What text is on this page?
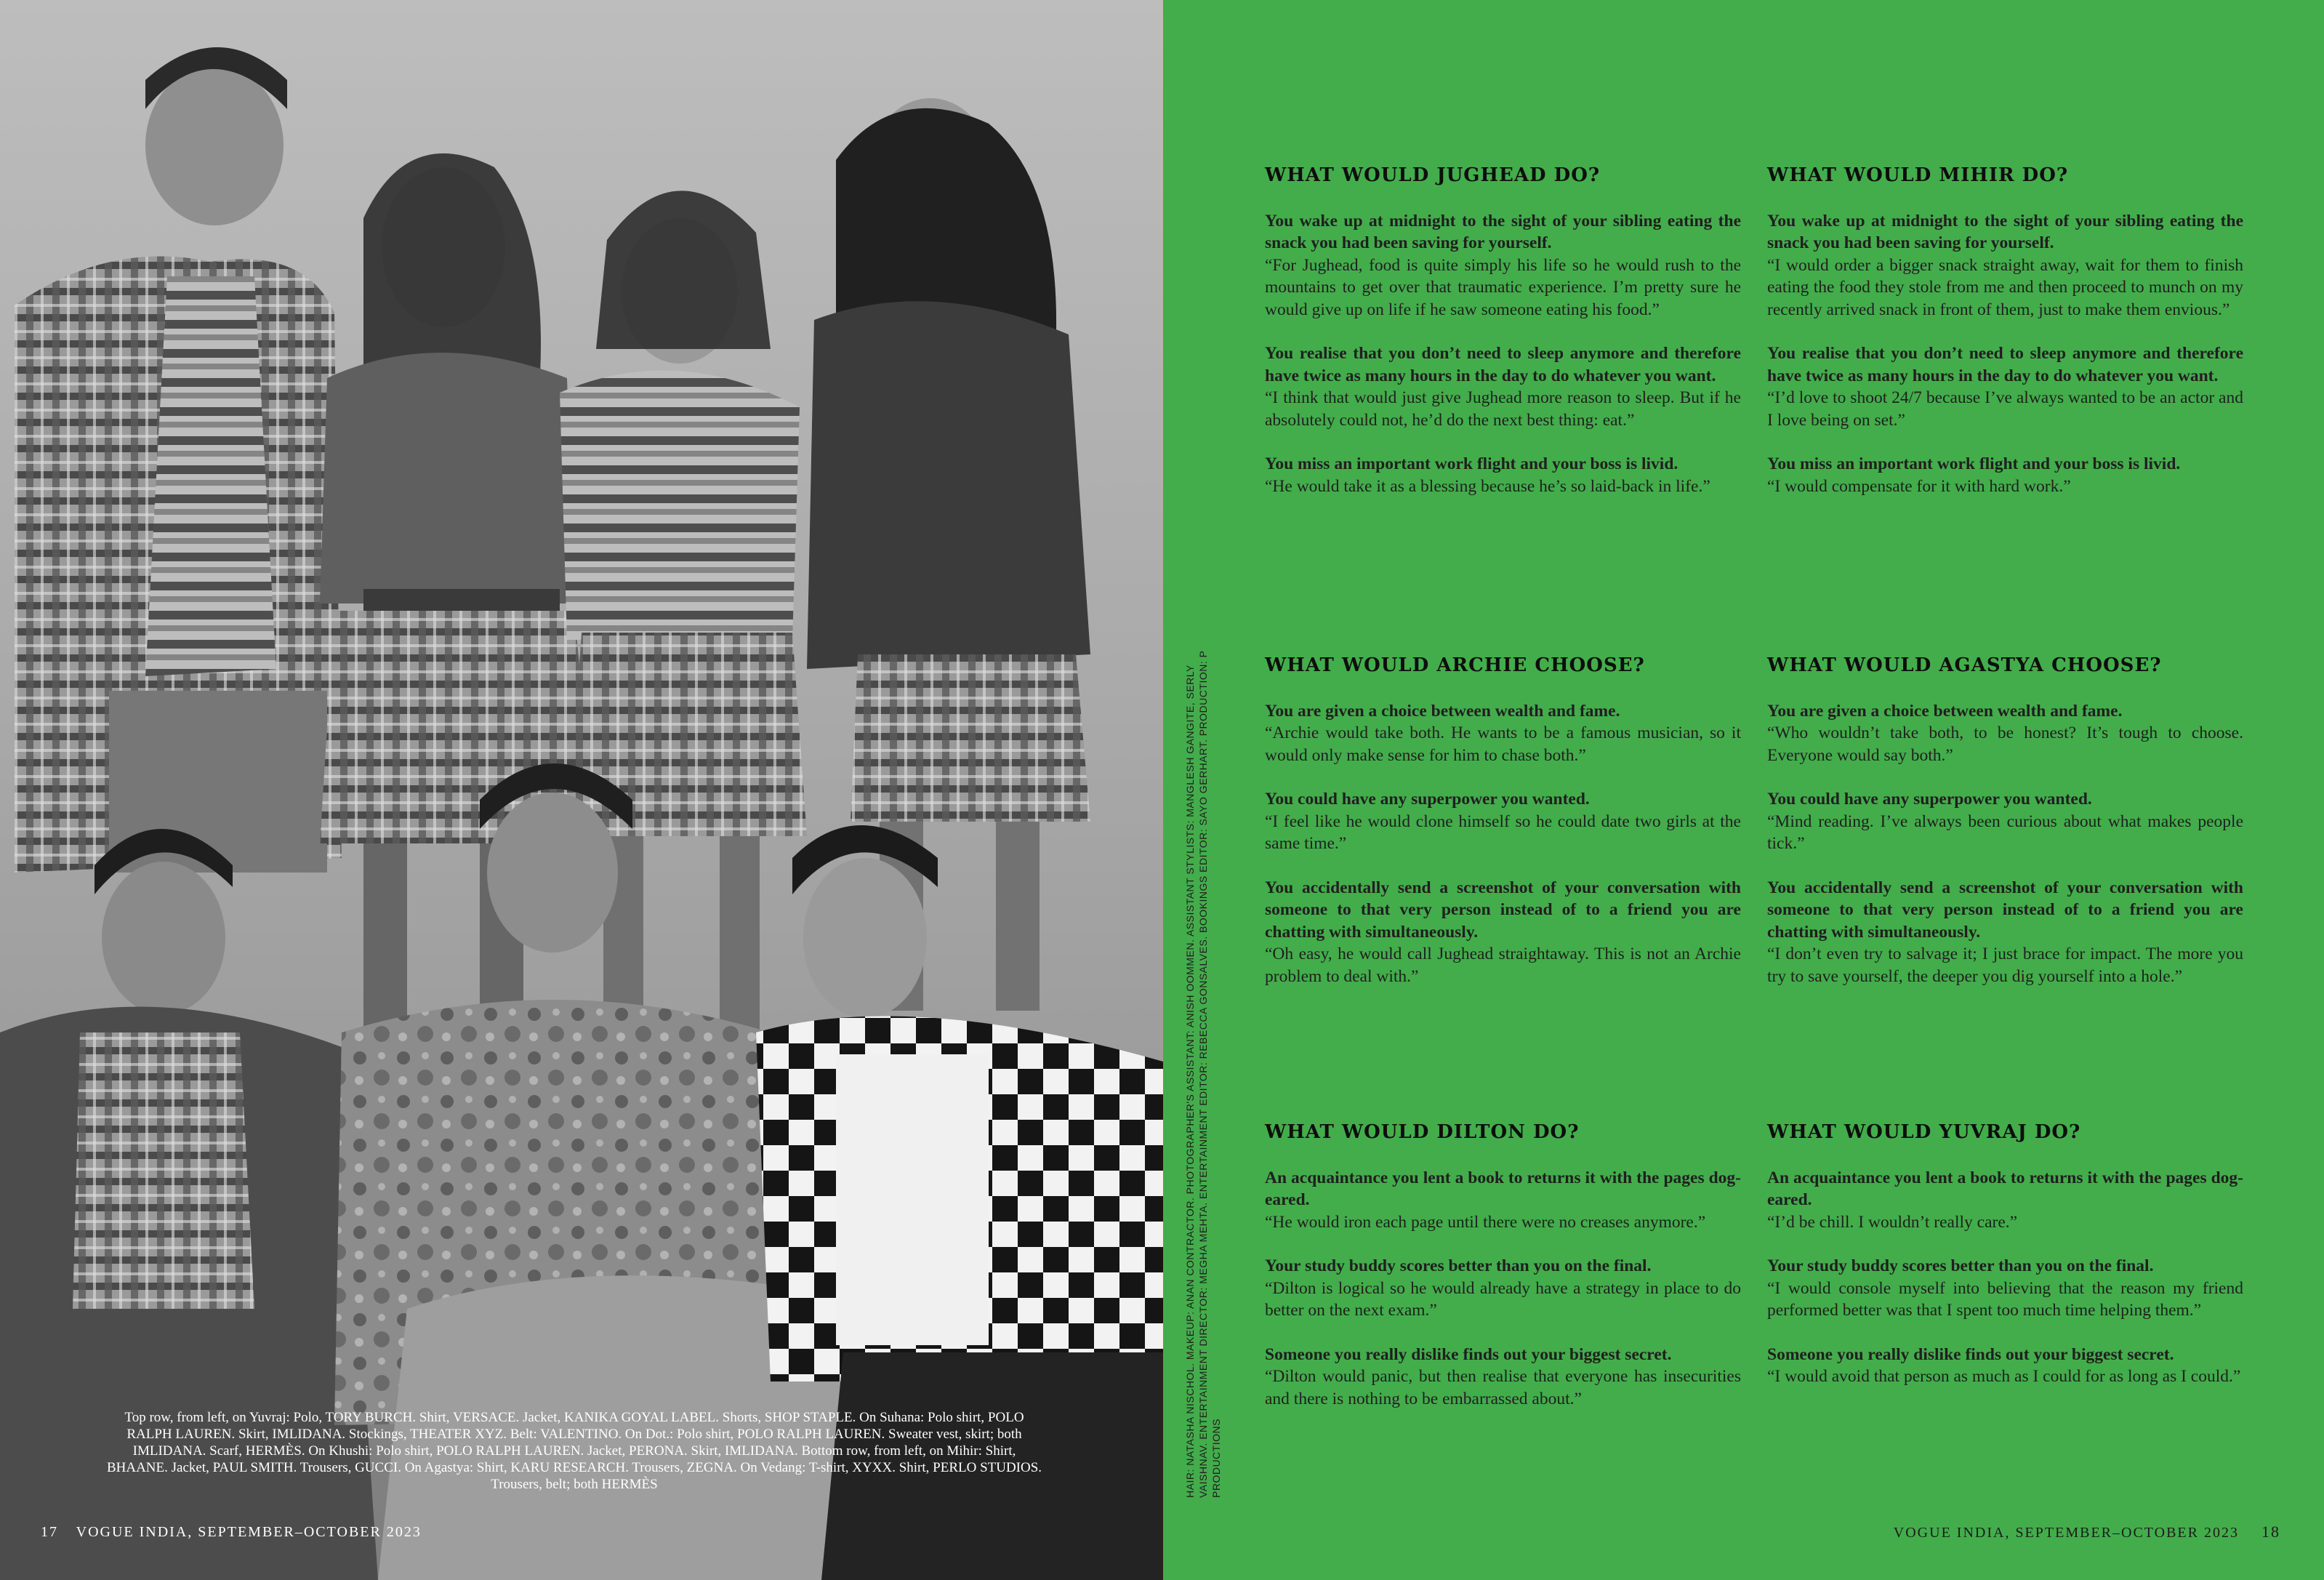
Top row, from left, on Yuvraj: Polo, TORY BURCH. Shirt, VERSACE. Jacket, KANIKA GOYAL LABEL. Shorts, SHOP STAPLE. On Suhana: Polo shirt, POLO RALPH LAUREN. Skirt, IMLIDANA. Stockings, THEATER XYZ. Belt: VALENTINO. On Dot.: Polo shirt, POLO RALPH LAUREN. Sweater vest, skirt; both IMLIDANA. Scarf, HERMÈS. On Khushi: Polo shirt, POLO RALPH LAUREN. Jacket, PERONA. Skirt, IMLIDANA. Bottom row, from left, on Mihir: Shirt, BHAANE. Jacket, PAUL SMITH. Trousers, GUCCI. On Agastya: Shirt, KARU RESEARCH. Trousers, ZEGNA. On Vedang: T-shirt, XYXX. Shirt, PERLO STUDIOS. Trousers, belt; both HERMÈS
17 VOGUE INDIA, SEPTEMBER–OCTOBER 2023
HAIR: NATASHA NISCHOL. MAKEUP: ANAN CONTRACTOR. PHOTOGRAPHER'S ASSISTANT: ANISH OOMMEN. ASSISTANT STYLISTS: MANGLESH GANGITE, SERLY VAISHNAV. ENTERTAINMENT DIRECTOR: MEGHA MEHTA. ENTERTAINMENT EDITOR: REBECCA GONSALVES. BOOKINGS EDITOR: SAYO GERHART. PRODUCTION: P PRODUCTIONS
WHAT WOULD JUGHEAD DO?
You wake up at midnight to the sight of your sibling eating the snack you had been saving for yourself.
“For Jughead, food is quite simply his life so he would rush to the mountains to get over that traumatic experience. I’m pretty sure he would give up on life if he saw someone eating his food.”
You realise that you don’t need to sleep anymore and therefore have twice as many hours in the day to do whatever you want.
“I think that would just give Jughead more reason to sleep. But if he absolutely could not, he’d do the next best thing: eat.”
You miss an important work flight and your boss is livid.
“He would take it as a blessing because he’s so laid-back in life.”
WHAT WOULD MIHIR DO?
You wake up at midnight to the sight of your sibling eating the snack you had been saving for yourself.
“I would order a bigger snack straight away, wait for them to finish eating the food they stole from me and then proceed to munch on my recently arrived snack in front of them, just to make them envious.”
You realise that you don’t need to sleep anymore and therefore have twice as many hours in the day to do whatever you want.
“I’d love to shoot 24/7 because I’ve always wanted to be an actor and I love being on set.”
You miss an important work flight and your boss is livid.
“I would compensate for it with hard work.”
WHAT WOULD ARCHIE CHOOSE?
You are given a choice between wealth and fame.
“Archie would take both. He wants to be a famous musician, so it would only make sense for him to chase both.”
You could have any superpower you wanted.
“I feel like he would clone himself so he could date two girls at the same time.”
You accidentally send a screenshot of your conversation with someone to that very person instead of to a friend you are chatting with simultaneously.
“Oh easy, he would call Jughead straightaway. This is not an Archie problem to deal with.”
WHAT WOULD AGASTYA CHOOSE?
You are given a choice between wealth and fame.
“Who wouldn’t take both, to be honest? It’s tough to choose. Everyone would say both.”
You could have any superpower you wanted.
“Mind reading. I’ve always been curious about what makes people tick.”
You accidentally send a screenshot of your conversation with someone to that very person instead of to a friend you are chatting with simultaneously.
“I don’t even try to salvage it; I just brace for impact. The more you try to save yourself, the deeper you dig yourself into a hole.”
WHAT WOULD DILTON DO?
An acquaintance you lent a book to returns it with the pages dog-eared.
“He would iron each page until there were no creases anymore.”
Your study buddy scores better than you on the final.
“Dilton is logical so he would already have a strategy in place to do better on the next exam.”
Someone you really dislike finds out your biggest secret.
“Dilton would panic, but then realise that everyone has insecurities and there is nothing to be embarrassed about.”
WHAT WOULD YUVRAJ DO?
An acquaintance you lent a book to returns it with the pages dog-eared.
“I’d be chill. I wouldn’t really care.”
Your study buddy scores better than you on the final.
“I would console myself into believing that the reason my friend performed better was that I spent too much time helping them.”
Someone you really dislike finds out your biggest secret.
“I would avoid that person as much as I could for as long as I could.”
VOGUE INDIA, SEPTEMBER–OCTOBER 2023 18
